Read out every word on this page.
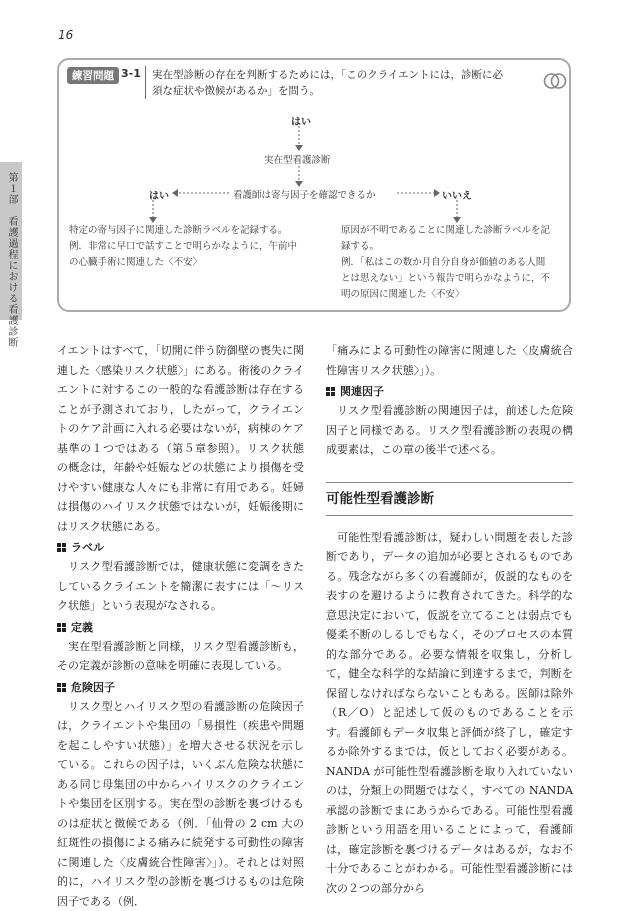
16
第１部　看護過程における看護診断
練習問題 3-1 実在型診断の存在を判断するためには，「このクライエントには，診断に必須な症状や徴候があるか」を問う。
はい
実在型看護診断
はい	看護師は寄与因子を確認できるか	いいえ
特定の寄与因子に関連した診断ラベルを記録する。
例．非常に早口で話すことで明らかなように，午前中の心臓手術に関連した〈不安〉
原因が不明であることに関連した診断ラベルを記録する。
例．「私はこの数か月自分自身が価値のある人間とは思えない」という報告で明らかなように，不明の原因に関連した〈不安〉

イエントはすべて，「切開に伴う防御壁の喪失に関連した〈感染リスク状態〉」にある。術後のクライエントに対するこの一般的な看護診断は存在することが予測されており，したがって，クライエントのケア計画に入れる必要はないが，病棟のケア基準の１つではある（第５章参照）。リスク状態の概念は，年齢や妊娠などの状態により損傷を受けやすい健康な人々にも非常に有用である。妊婦は損傷のハイリスク状態ではないが，妊娠後期にはリスク状態にある。

ラベル

リスク型看護診断では，健康状態に変調をきたしているクライエントを簡潔に表すには「～リスク状態」という表現がなされる。

定義

実在型看護診断と同様，リスク型看護診断も，その定義が診断の意味を明確に表現している。

危険因子

リスク型とハイリスク型の看護診断の危険因子は，クライエントや集団の「易損性（疾患や問題を起こしやすい状態）」を増大させる状況を示している。これらの因子は，いくぶん危険な状態にある同じ母集団の中からハイリスクのクライエントや集団を区別する。実在型の診断を裏づけるものは症状と徴候である（例．「仙骨の 2 cm 大の紅斑性の損傷による痛みに続発する可動性の障害に関連した〈皮膚統合性障害〉」）。それとは対照的に，ハイリスク型の診断を裏づけるものは危険因子である（例．

「痛みによる可動性の障害に関連した〈皮膚統合性障害リスク状態〉」）。

関連因子

リスク型看護診断の関連因子は，前述した危険因子と同様である。リスク型看護診断の表現の構成要素は，この章の後半で述べる。

可能性型看護診断

可能性型看護診断は，疑わしい問題を表した診断であり，データの追加が必要とされるものである。残念ながら多くの看護師が，仮説的なものを表すのを避けるように教育されてきた。科学的な意思決定において，仮説を立てることは弱点でも優柔不断のしるしでもなく，そのプロセスの本質的な部分である。必要な情報を収集し，分析して，健全な科学的な結論に到達するまで，判断を保留しなければならないこともある。医師は除外（R／O）と記述して仮のものであることを示す。看護師もデータ収集と評価が終了し，確定するか除外するまでは，仮としておく必要がある。NANDA が可能性型看護診断を取り入れていないのは，分類上の問題ではなく，すべての NANDA 承認の診断でまにあうからである。可能性型看護診断という用語を用いることによって，看護師は，確定診断を裏づけるデータはあるが，なお不十分であることがわかる。可能性型看護診断には次の２つの部分から
